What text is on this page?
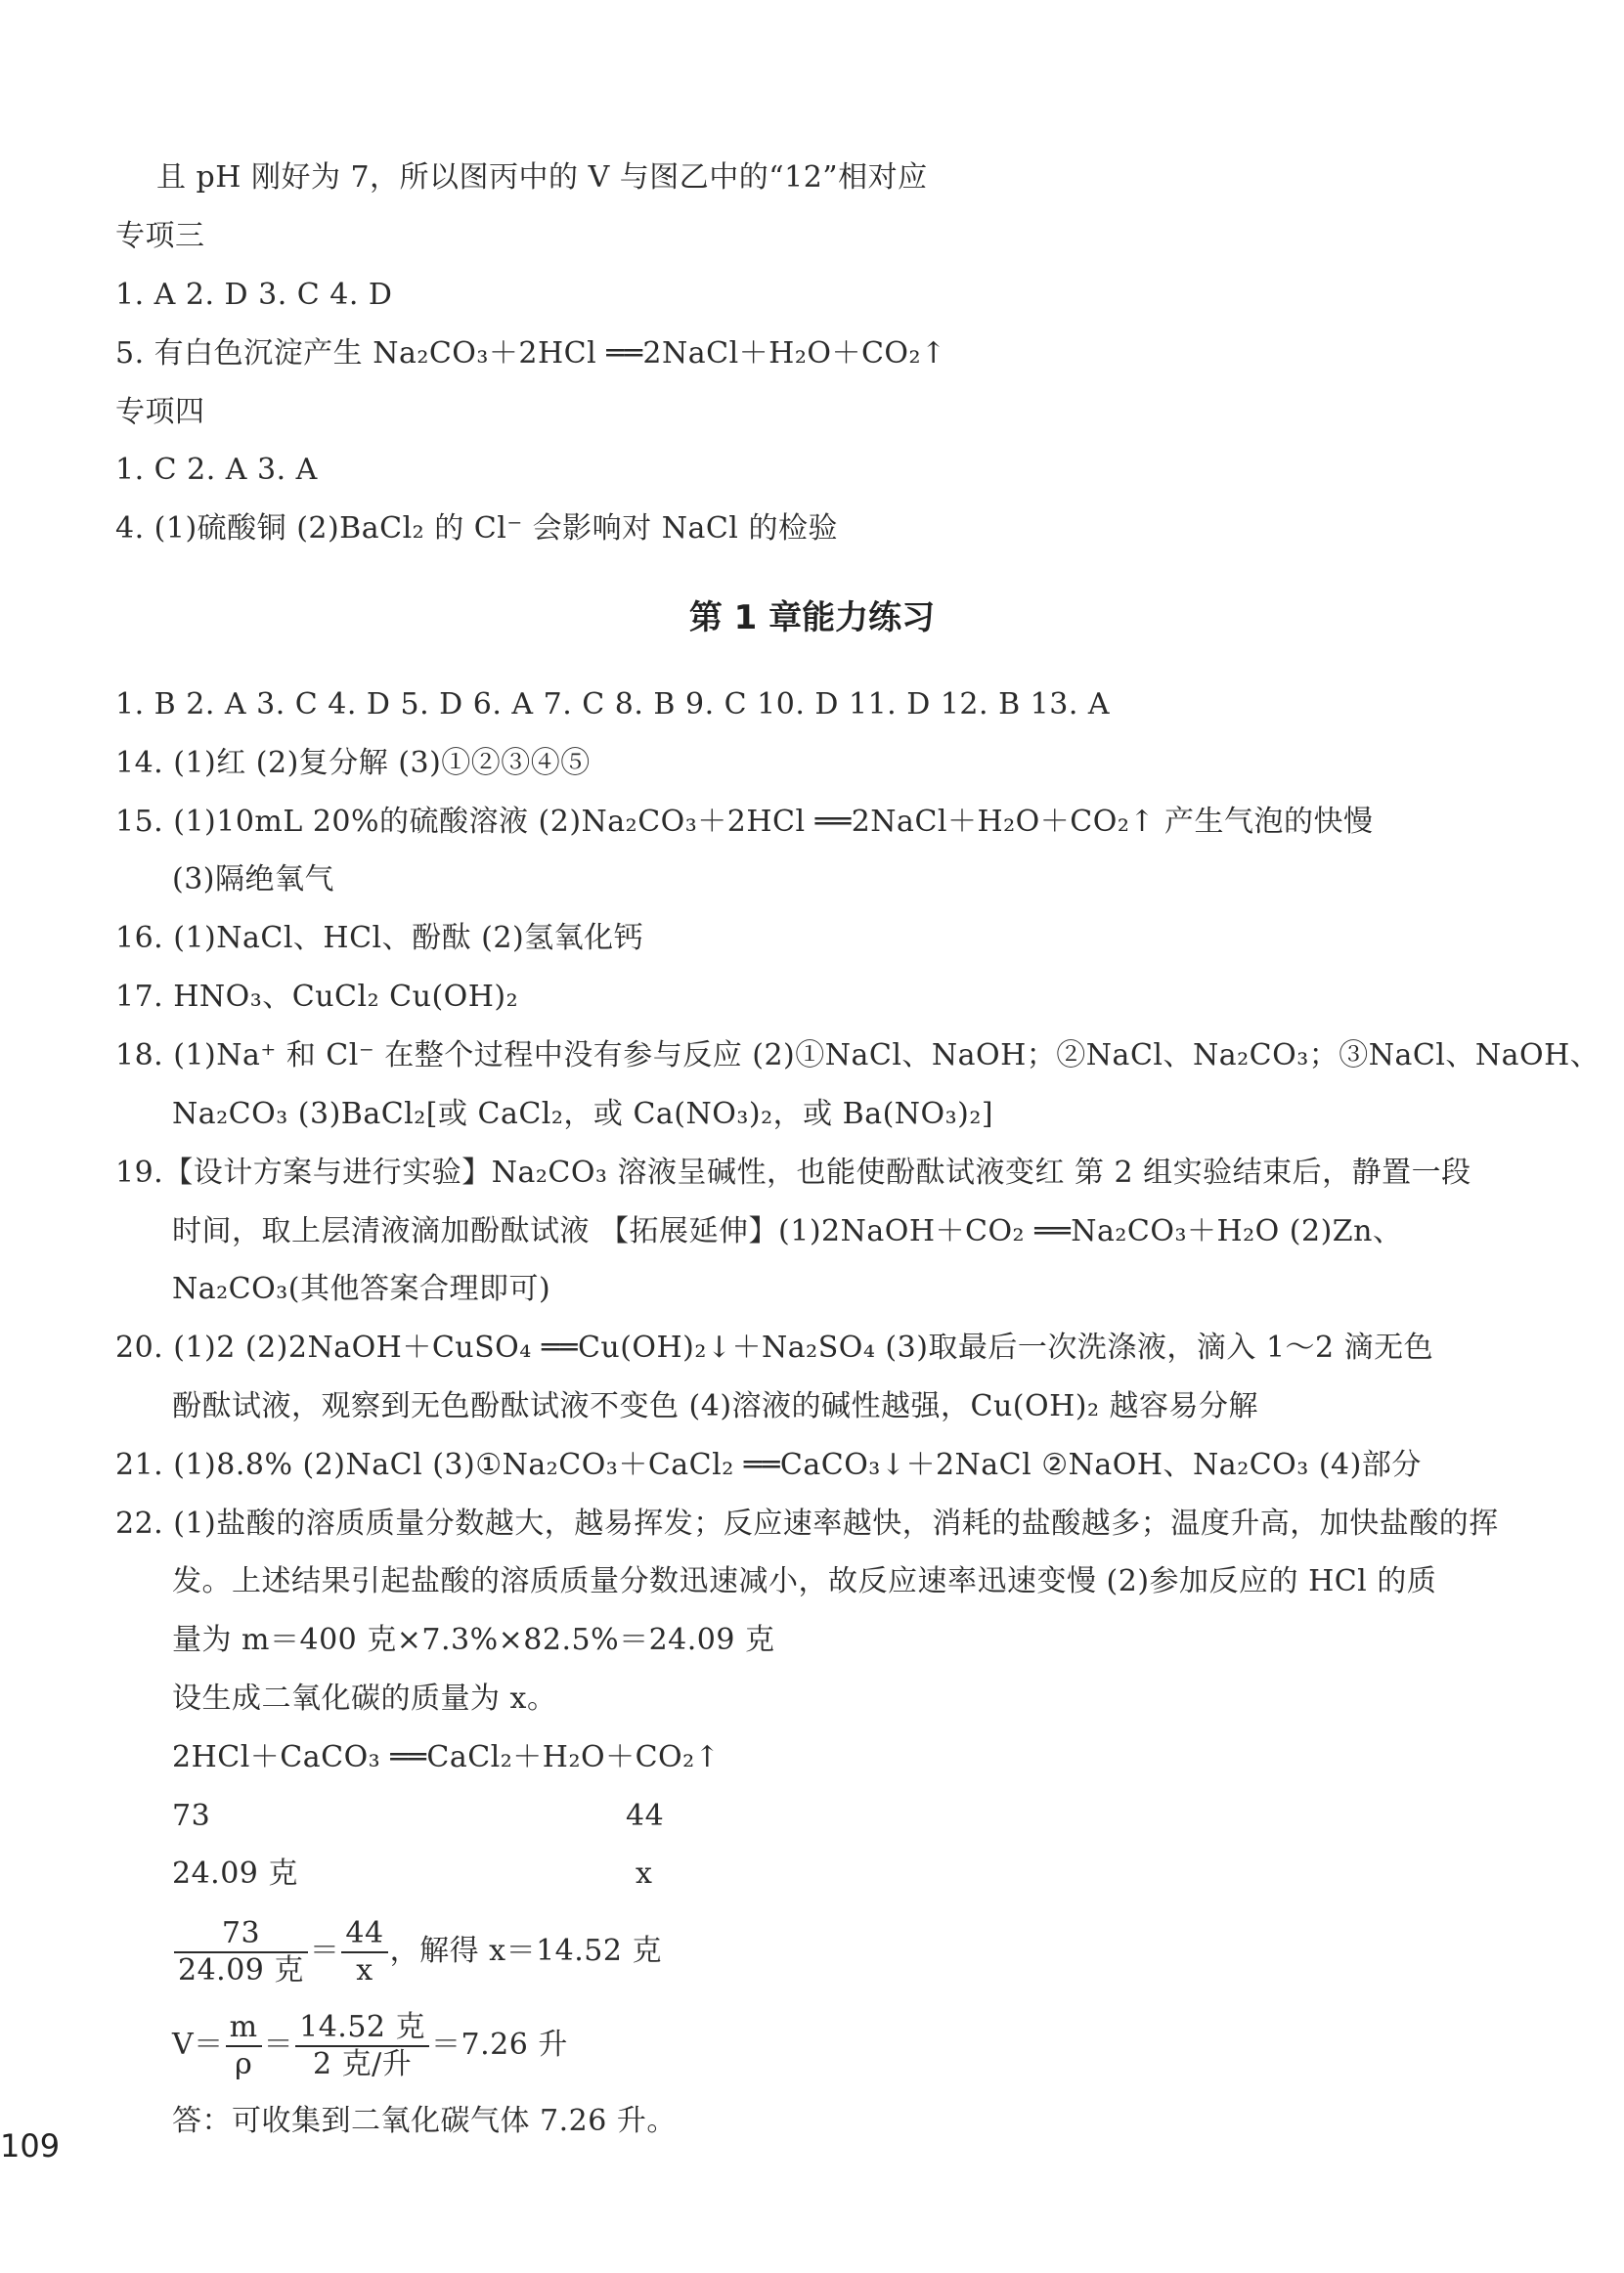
且 pH 刚好为 7，所以图丙中的 V 与图乙中的“12”相对应
专项三
1. A 2. D 3. C 4. D
5. 有白色沉淀产生 Na₂CO₃＋2HCl ══2NaCl＋H₂O＋CO₂↑
专项四
1. C 2. A 3. A
4. (1)硫酸铜 (2)BaCl₂ 的 Cl⁻ 会影响对 NaCl 的检验
第 1 章能力练习
1. B 2. A 3. C 4. D 5. D 6. A 7. C 8. B 9. C 10. D 11. D 12. B 13. A
14. (1)红 (2)复分解 (3)①②③④⑤
15. (1)10mL 20%的硫酸溶液 (2)Na₂CO₃＋2HCl ══2NaCl＋H₂O＋CO₂↑ 产生气泡的快慢
(3)隔绝氧气
16. (1)NaCl、HCl、酚酞 (2)氢氧化钙
17. HNO₃、CuCl₂ Cu(OH)₂
18. (1)Na⁺ 和 Cl⁻ 在整个过程中没有参与反应 (2)①NaCl、NaOH；②NaCl、Na₂CO₃；③NaCl、NaOH、
Na₂CO₃ (3)BaCl₂[或 CaCl₂，或 Ca(NO₃)₂，或 Ba(NO₃)₂]
19.【设计方案与进行实验】Na₂CO₃ 溶液呈碱性，也能使酚酞试液变红 第 2 组实验结束后，静置一段
时间，取上层清液滴加酚酞试液 【拓展延伸】(1)2NaOH＋CO₂ ══Na₂CO₃＋H₂O (2)Zn、
Na₂CO₃(其他答案合理即可)
20. (1)2 (2)2NaOH＋CuSO₄ ══Cu(OH)₂↓＋Na₂SO₄ (3)取最后一次洗涤液，滴入 1～2 滴无色
酚酞试液，观察到无色酚酞试液不变色 (4)溶液的碱性越强，Cu(OH)₂ 越容易分解
21. (1)8.8% (2)NaCl (3)①Na₂CO₃＋CaCl₂ ══CaCO₃↓＋2NaCl ②NaOH、Na₂CO₃ (4)部分
22. (1)盐酸的溶质质量分数越大，越易挥发；反应速率越快，消耗的盐酸越多；温度升高，加快盐酸的挥
发。上述结果引起盐酸的溶质质量分数迅速减小，故反应速率迅速变慢 (2)参加反应的 HCl 的质
量为 m＝400 克×7.3%×82.5%＝24.09 克
设生成二氧化碳的质量为 x。
2HCl＋CaCO₃ ══CaCl₂＋H₂O＋CO₂↑
73	44
24.09 克	x
$\frac{73}{\text{24.09 克}} = \frac{44}{x}$ ，解得 x＝14.52 克
$V= \frac{m}{\rho} = \frac{\text{14.52 克}}{\text{2 克/升}} =7.26$ 升
答：可收集到二氧化碳气体 7.26 升。
109
